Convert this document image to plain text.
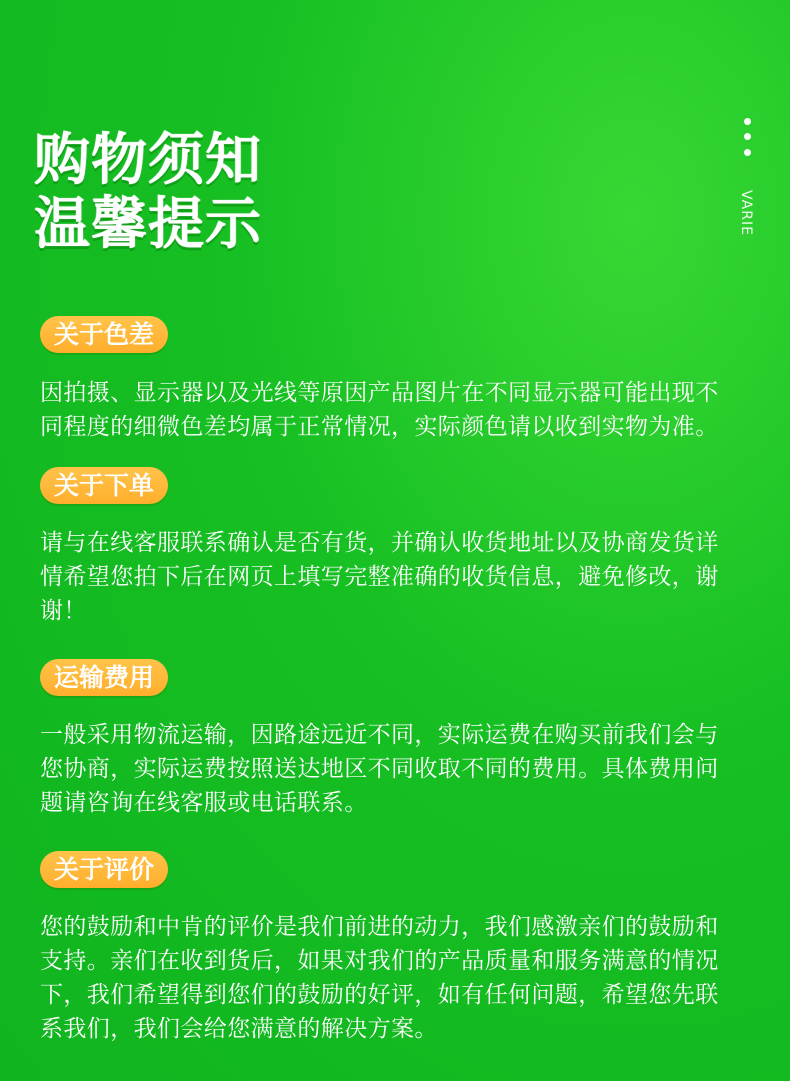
购物须知
温馨提示	VARIE
关于色差

因拍摄、显示器以及光线等原因产品图片在不同显示器可能出现不
同程度的细微色差均属于正常情况，实际颜色请以收到实物为准。

关于下单

请与在线客服联系确认是否有货，并确认收货地址以及协商发货详
情希望您拍下后在网页上填写完整准确的收货信息，避免修改，谢
谢！

运输费用

一般采用物流运输，因路途远近不同，实际运费在购买前我们会与
您协商，实际运费按照送达地区不同收取不同的费用。具体费用问
题请咨询在线客服或电话联系。

关于评价

您的鼓励和中肯的评价是我们前进的动力，我们感激亲们的鼓励和
支持。亲们在收到货后，如果对我们的产品质量和服务满意的情况
下，我们希望得到您们的鼓励的好评，如有任何问题，希望您先联
系我们，我们会给您满意的解决方案。
